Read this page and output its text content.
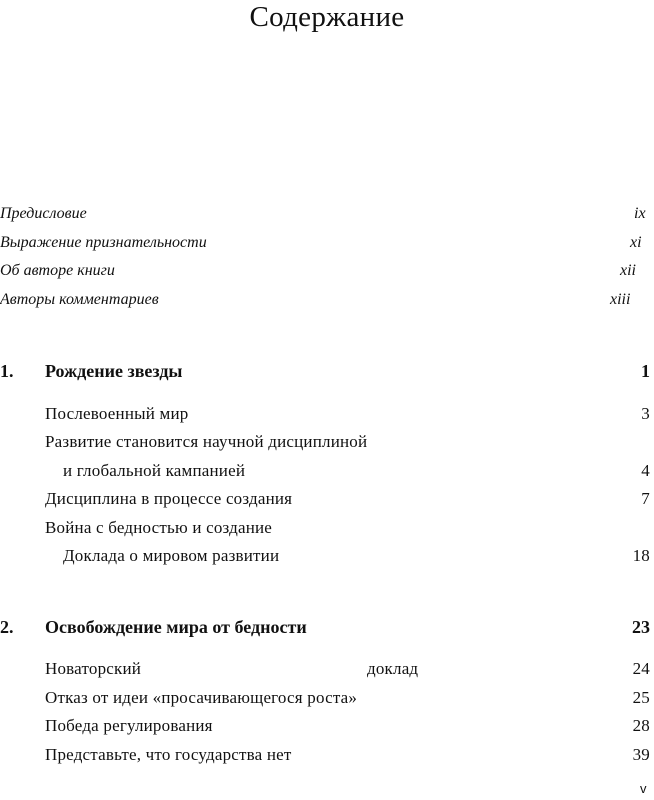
Содержание
Предисловие	ix
Выражение признательности	xi
Об авторе книги	xii
Авторы комментариев	xiii
1. Рождение звезды	1
Послевоенный мир	3
Развитие становится научной дисциплиной
и глобальной кампанией	4
Дисциплина в процессе создания	7
Война с бедностью и создание
Доклада о мировом развитии	18
2. Освобождение мира от бедности	23
Новаторский	доклад	24
Отказ от идеи «просачивающегося роста»	25
Победа регулирования	28
Представьте, что государства нет	39
v
